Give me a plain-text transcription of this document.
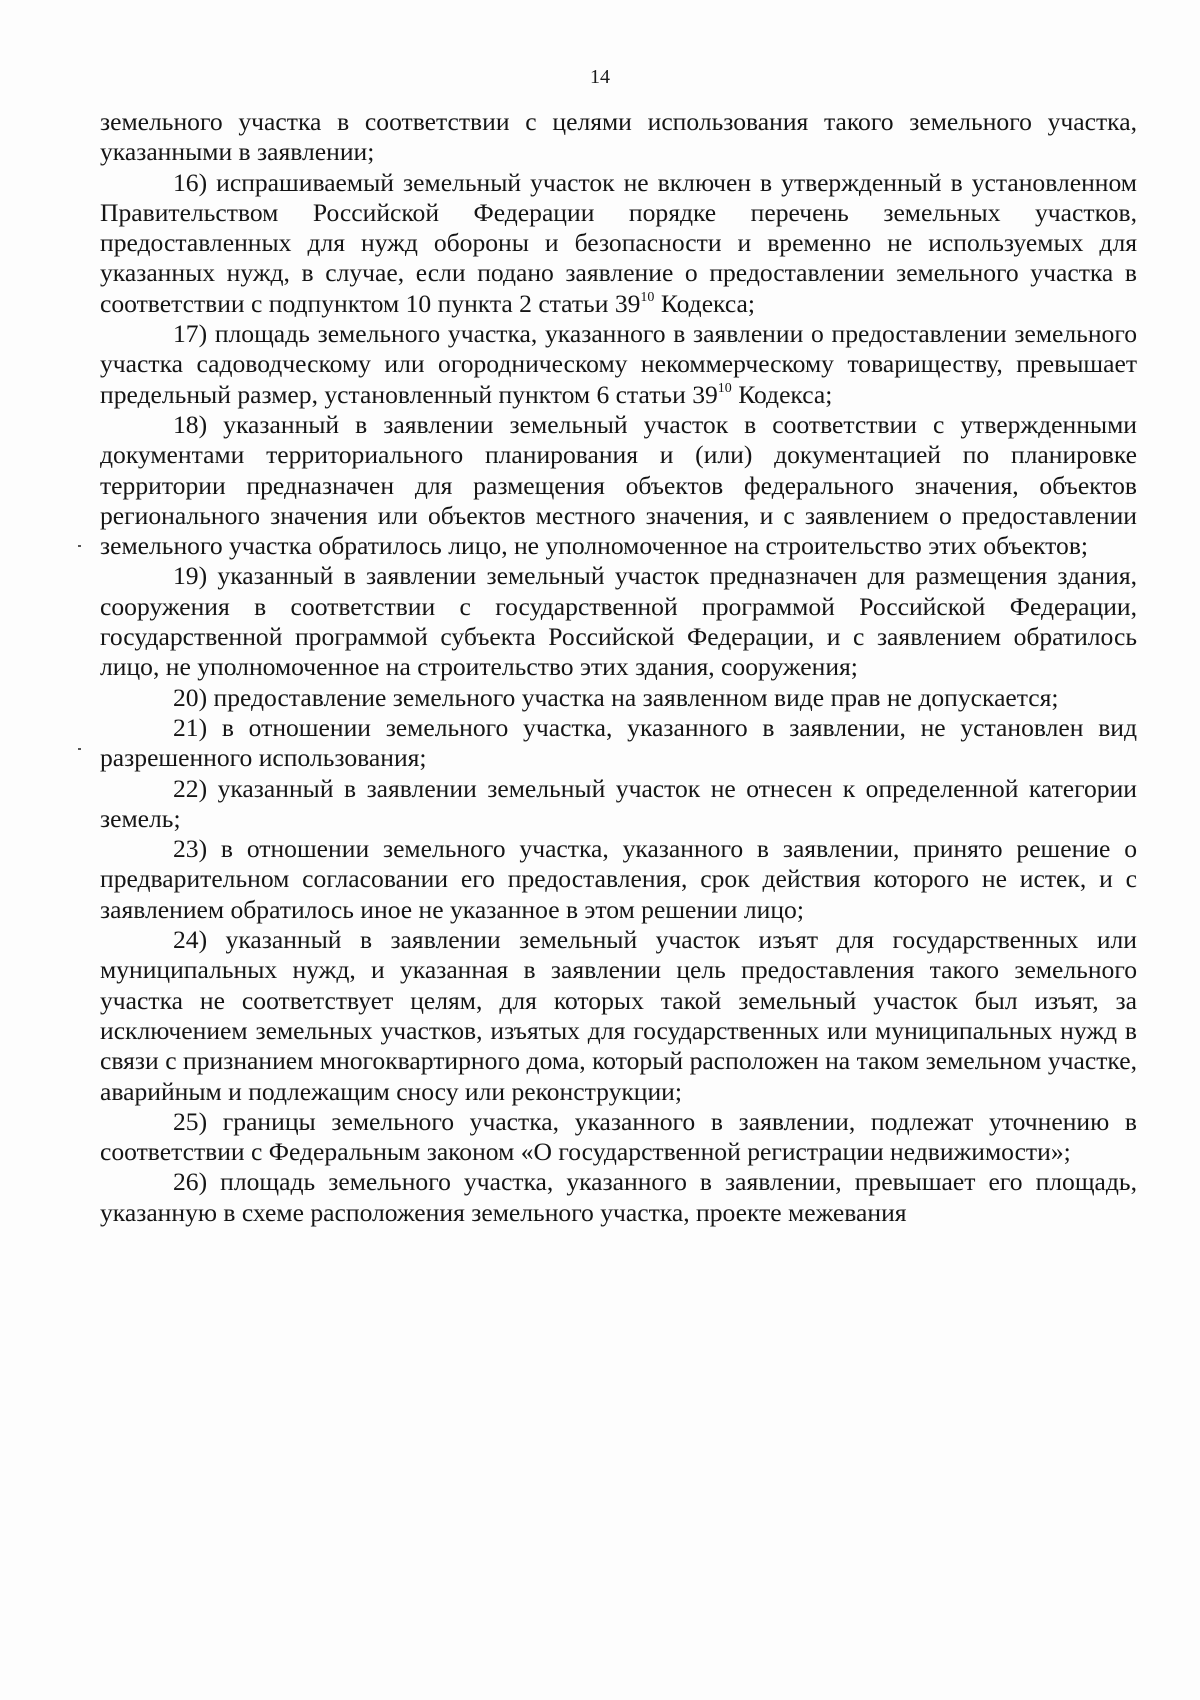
14

земельного участка в соответствии с целями использования такого земельного участка, указанными в заявлении;

16) испрашиваемый земельный участок не включен в утвержденный в установленном Правительством Российской Федерации порядке перечень земельных участков, предоставленных для нужд обороны и безопасности и временно не используемых для указанных нужд, в случае, если подано заявление о предоставлении земельного участка в соответствии с подпунктом 10 пункта 2 статьи $39^{10}$ Кодекса;

17) площадь земельного участка, указанного в заявлении о предоставлении земельного участка садоводческому или огородническому некоммерческому товариществу, превышает предельный размер, установленный пунктом 6 статьи $39^{10}$ Кодекса;

18) указанный в заявлении земельный участок в соответствии с утвержденными документами территориального планирования и (или) документацией по планировке территории предназначен для размещения объектов федерального значения, объектов регионального значения или объектов местного значения, и с заявлением о предоставлении земельного участка обратилось лицо, не уполномоченное на строительство этих объектов;

19) указанный в заявлении земельный участок предназначен для размещения здания, сооружения в соответствии с государственной программой Российской Федерации, государственной программой субъекта Российской Федерации, и с заявлением обратилось лицо, не уполномоченное на строительство этих здания, сооружения;

20) предоставление земельного участка на заявленном виде прав не допускается;

21) в отношении земельного участка, указанного в заявлении, не установлен вид разрешенного использования;

22) указанный в заявлении земельный участок не отнесен к определенной категории земель;

23) в отношении земельного участка, указанного в заявлении, принято решение о предварительном согласовании его предоставления, срок действия которого не истек, и с заявлением обратилось иное не указанное в этом решении лицо;

24) указанный в заявлении земельный участок изъят для государственных или муниципальных нужд, и указанная в заявлении цель предоставления такого земельного участка не соответствует целям, для которых такой земельный участок был изъят, за исключением земельных участков, изъятых для государственных или муниципальных нужд в связи с признанием многоквартирного дома, который расположен на таком земельном участке, аварийным и подлежащим сносу или реконструкции;

25) границы земельного участка, указанного в заявлении, подлежат уточнению в соответствии с Федеральным законом «О государственной регистрации недвижимости»;

26) площадь земельного участка, указанного в заявлении, превышает его площадь, указанную в схеме расположения земельного участка, проекте межевания
